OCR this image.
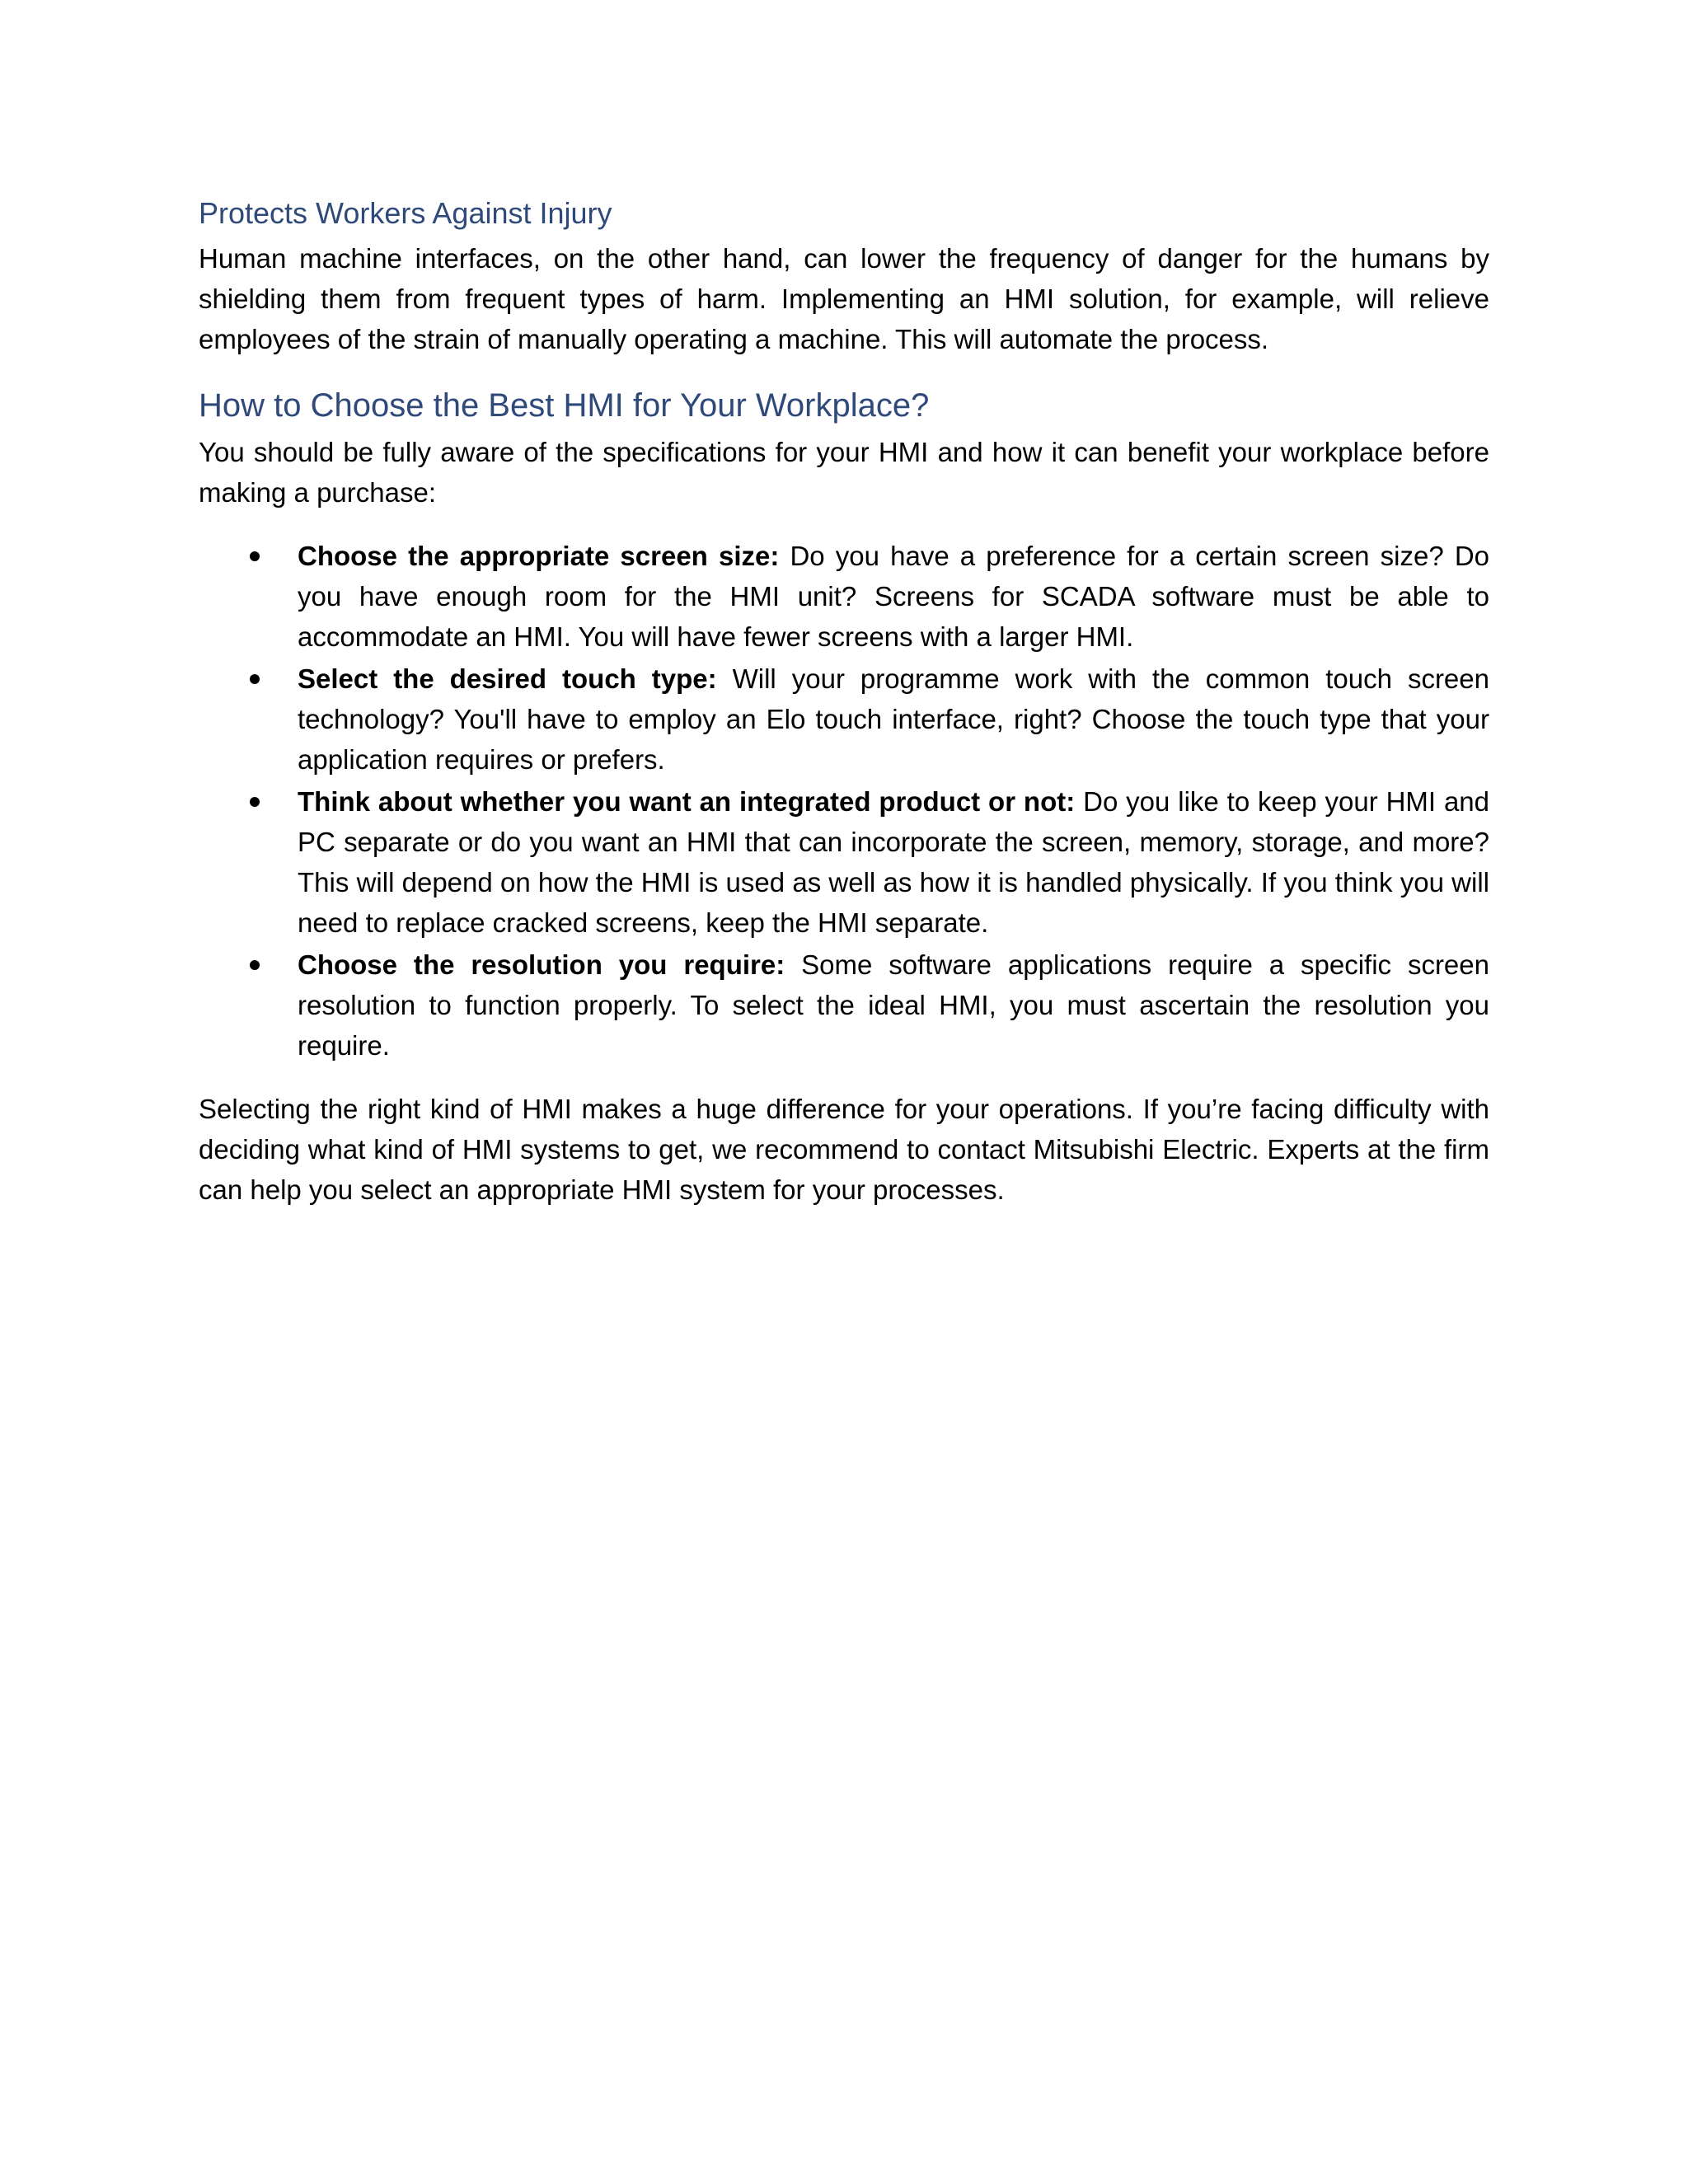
Protects Workers Against Injury

Human machine interfaces, on the other hand, can lower the frequency of danger for the humans by shielding them from frequent types of harm. Implementing an HMI solution, for example, will relieve employees of the strain of manually operating a machine. This will automate the process.

How to Choose the Best HMI for Your Workplace?

You should be fully aware of the specifications for your HMI and how it can benefit your workplace before making a purchase:

Choose the appropriate screen size: Do you have a preference for a certain screen size? Do you have enough room for the HMI unit? Screens for SCADA software must be able to accommodate an HMI. You will have fewer screens with a larger HMI.
Select the desired touch type: Will your programme work with the common touch screen technology? You'll have to employ an Elo touch interface, right? Choose the touch type that your application requires or prefers.
Think about whether you want an integrated product or not: Do you like to keep your HMI and PC separate or do you want an HMI that can incorporate the screen, memory, storage, and more? This will depend on how the HMI is used as well as how it is handled physically. If you think you will need to replace cracked screens, keep the HMI separate.
Choose the resolution you require: Some software applications require a specific screen resolution to function properly. To select the ideal HMI, you must ascertain the resolution you require.

Selecting the right kind of HMI makes a huge difference for your operations. If you’re facing difficulty with deciding what kind of HMI systems to get, we recommend to contact Mitsubishi Electric. Experts at the firm can help you select an appropriate HMI system for your processes.
